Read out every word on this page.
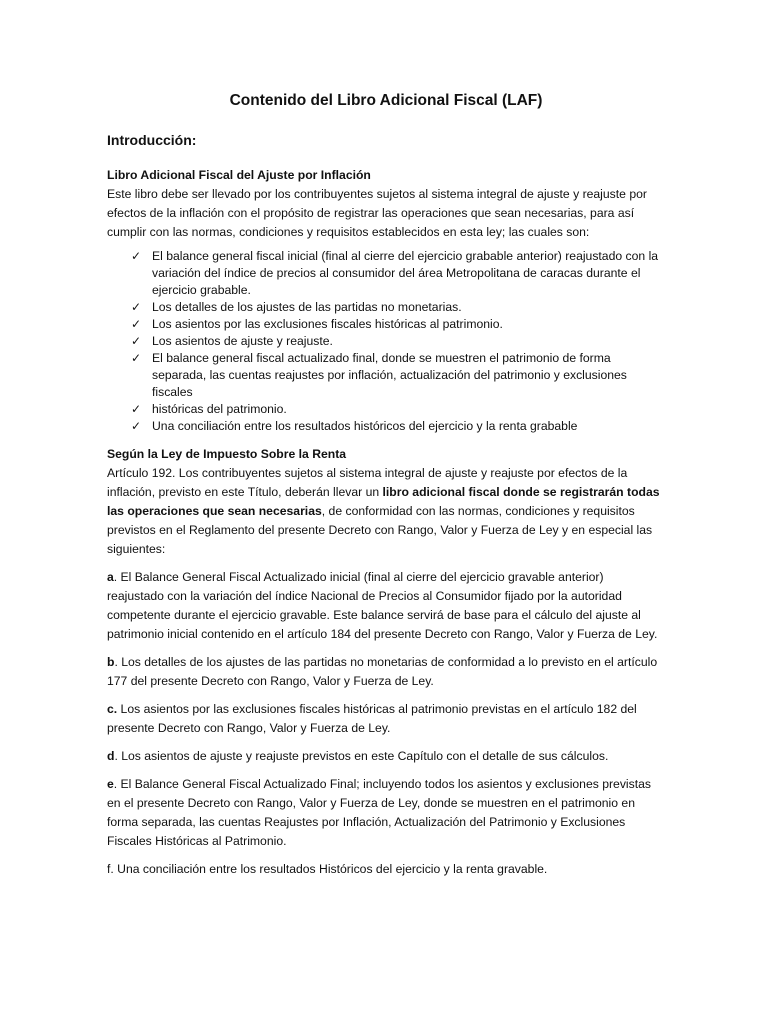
Contenido del Libro Adicional Fiscal (LAF)
Introducción:

Libro Adicional Fiscal del Ajuste por Inflación

Este libro debe ser llevado por los contribuyentes sujetos al sistema integral de ajuste y reajuste por efectos de la inflación con el propósito de registrar las operaciones que sean necesarias, para así cumplir con las normas, condiciones y requisitos establecidos en esta ley; las cuales son:

✓ El balance general fiscal inicial (final al cierre del ejercicio grabable anterior) reajustado con la variación del índice de precios al consumidor del área Metropolitana de caracas durante el ejercicio grabable.
✓ Los detalles de los ajustes de las partidas no monetarias.
✓ Los asientos por las exclusiones fiscales históricas al patrimonio.
✓ Los asientos de ajuste y reajuste.
✓ El balance general fiscal actualizado final, donde se muestren el patrimonio de forma separada, las cuentas reajustes por inflación, actualización del patrimonio y exclusiones fiscales
✓ históricas del patrimonio.
✓ Una conciliación entre los resultados históricos del ejercicio y la renta grabable

Según la Ley de Impuesto Sobre la Renta

Artículo 192. Los contribuyentes sujetos al sistema integral de ajuste y reajuste por efectos de la inflación, previsto en este Título, deberán llevar un libro adicional fiscal donde se registrarán todas las operaciones que sean necesarias, de conformidad con las normas, condiciones y requisitos previstos en el Reglamento del presente Decreto con Rango, Valor y Fuerza de Ley y en especial las siguientes:

a. El Balance General Fiscal Actualizado inicial (final al cierre del ejercicio gravable anterior) reajustado con la variación del índice Nacional de Precios al Consumidor fijado por la autoridad competente durante el ejercicio gravable. Este balance servirá de base para el cálculo del ajuste al patrimonio inicial contenido en el artículo 184 del presente Decreto con Rango, Valor y Fuerza de Ley.

b. Los detalles de los ajustes de las partidas no monetarias de conformidad a lo previsto en el artículo 177 del presente Decreto con Rango, Valor y Fuerza de Ley.

c. Los asientos por las exclusiones fiscales históricas al patrimonio previstas en el artículo 182 del presente Decreto con Rango, Valor y Fuerza de Ley.

d. Los asientos de ajuste y reajuste previstos en este Capítulo con el detalle de sus cálculos.

e. El Balance General Fiscal Actualizado Final; incluyendo todos los asientos y exclusiones previstas en el presente Decreto con Rango, Valor y Fuerza de Ley, donde se muestren en el patrimonio en forma separada, las cuentas Reajustes por Inflación, Actualización del Patrimonio y Exclusiones Fiscales Históricas al Patrimonio.

f. Una conciliación entre los resultados Históricos del ejercicio y la renta gravable.
